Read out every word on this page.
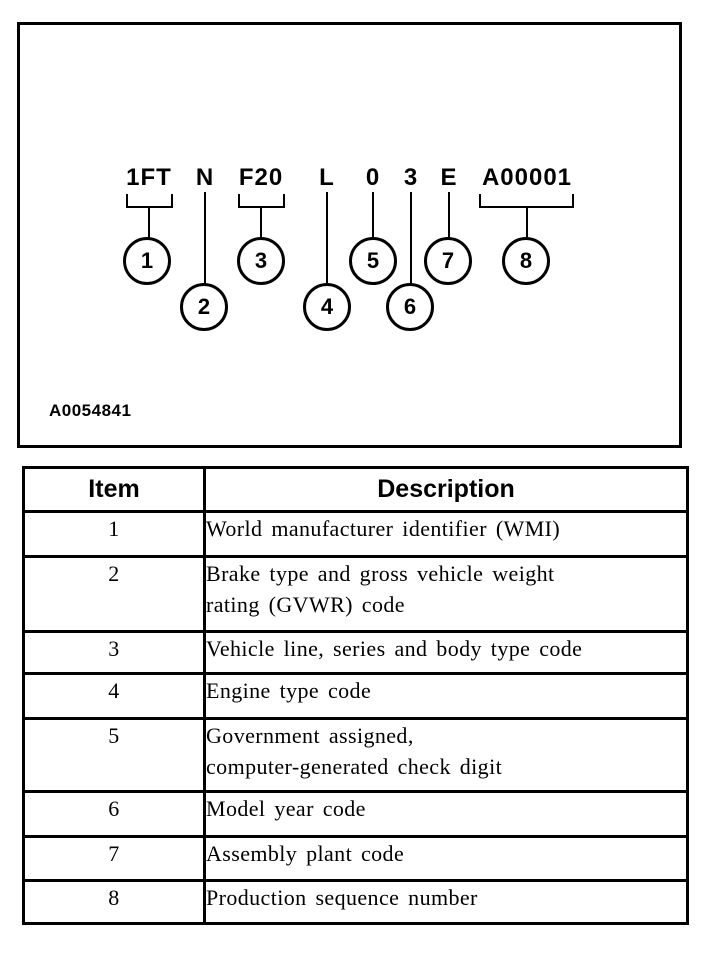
1FT N	F20	L	0 3 E	A00001
1
2
3
4
5
6
7	8
A0054841
Item	Description
1	World manufacturer identifier (WMI)

2	Brake type and gross vehicle weight
rating (GVWR) code

3	Vehicle line, series and body type code

4	Engine type code

5	Government assigned,
computer-generated check digit

6	Model year code

7	Assembly plant code

8	Production sequence number
